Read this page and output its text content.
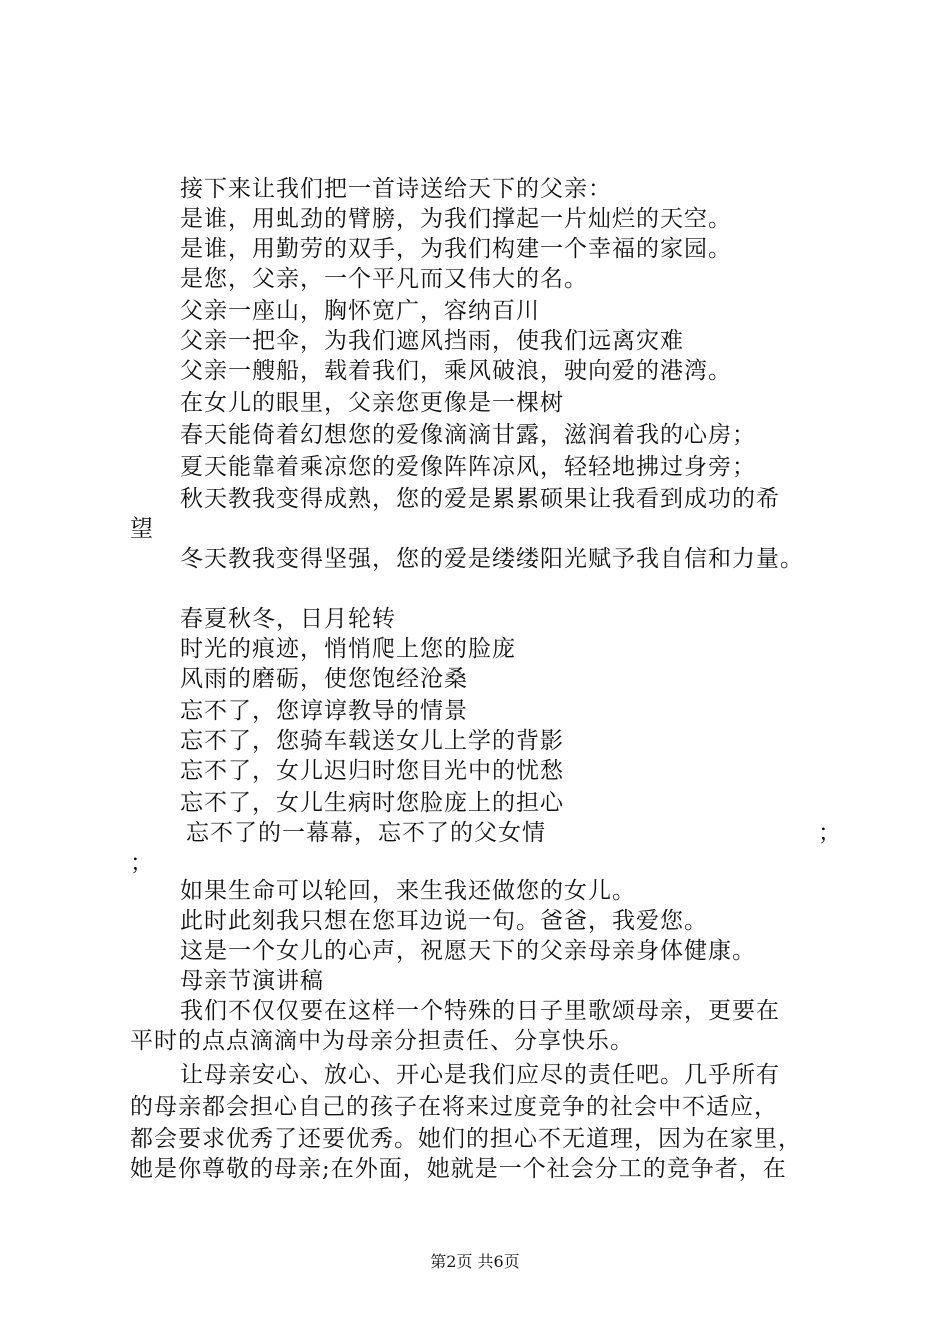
接下来让我们把一首诗送给天下的父亲：
是谁，用虬劲的臂膀，为我们撑起一片灿烂的天空。
是谁，用勤劳的双手，为我们构建一个幸福的家园。
是您，父亲，一个平凡而又伟大的名。
父亲一座山，胸怀宽广，容纳百川
父亲一把伞，为我们遮风挡雨，使我们远离灾难
父亲一艘船，载着我们，乘风破浪，驶向爱的港湾。
在女儿的眼里，父亲您更像是一棵树
春天能倚着幻想您的爱像滴滴甘露，滋润着我的心房；
夏天能靠着乘凉您的爱像阵阵凉风，轻轻地拂过身旁；
秋天教我变得成熟，您的爱是累累硕果让我看到成功的希
望
冬天教我变得坚强，您的爱是缕缕阳光赋予我自信和力量。
春夏秋冬，日月轮转
时光的痕迹，悄悄爬上您的脸庞
风雨的磨砺，使您饱经沧桑
忘不了，您谆谆教导的情景
忘不了，您骑车载送女儿上学的背影
忘不了，女儿迟归时您目光中的忧愁
忘不了，女儿生病时您脸庞上的担心
忘不了的一幕幕，忘不了的父女情	；
；
如果生命可以轮回，来生我还做您的女儿。
此时此刻我只想在您耳边说一句。爸爸，我爱您。
这是一个女儿的心声，祝愿天下的父亲母亲身体健康。
母亲节演讲稿
我们不仅仅要在这样一个特殊的日子里歌颂母亲，更要在
平时的点点滴滴中为母亲分担责任、分享快乐。
让母亲安心、放心、开心是我们应尽的责任吧。几乎所有
的母亲都会担心自己的孩子在将来过度竞争的社会中不适应，
都会要求优秀了还要优秀。她们的担心不无道理，因为在家里，
她是你尊敬的母亲;在外面，她就是一个社会分工的竞争者，在
第2页 共6页
